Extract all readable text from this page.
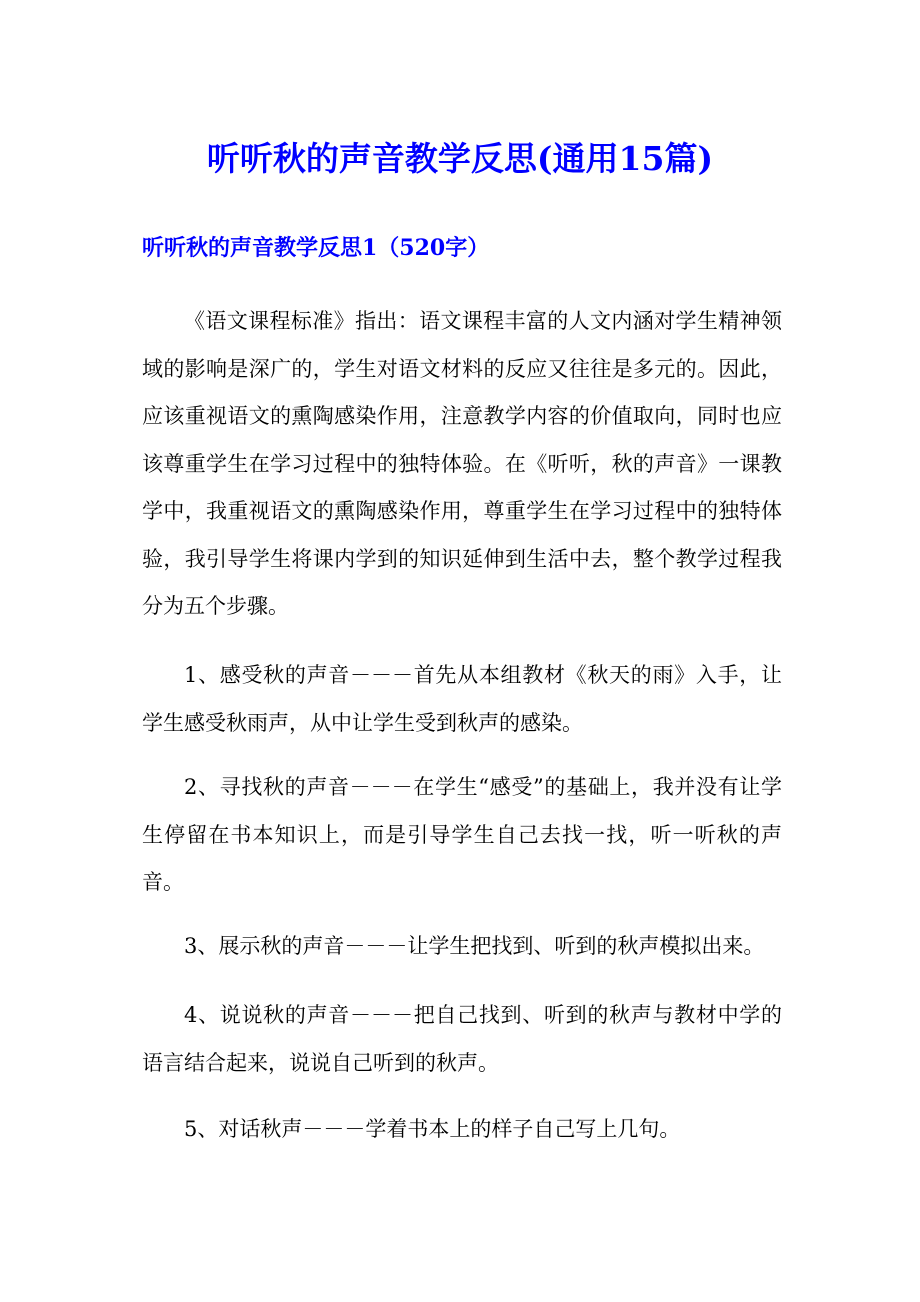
听听秋的声音教学反思(通用15篇)
听听秋的声音教学反思1（520字）

《语文课程标准》指出：语文课程丰富的人文内涵对学生精神领域的影响是深广的，学生对语文材料的反应又往往是多元的。因此，应该重视语文的熏陶感染作用，注意教学内容的价值取向，同时也应该尊重学生在学习过程中的独特体验。在《听听，秋的声音》一课教学中，我重视语文的熏陶感染作用，尊重学生在学习过程中的独特体验，我引导学生将课内学到的知识延伸到生活中去，整个教学过程我分为五个步骤。

1、感受秋的声音－－－首先从本组教材《秋天的雨》入手，让学生感受秋雨声，从中让学生受到秋声的感染。

2、寻找秋的声音－－－在学生“感受”的基础上，我并没有让学生停留在书本知识上，而是引导学生自己去找一找，听一听秋的声音。

3、展示秋的声音－－－让学生把找到、听到的秋声模拟出来。

4、说说秋的声音－－－把自己找到、听到的秋声与教材中学的语言结合起来，说说自己听到的秋声。

5、对话秋声－－－学着书本上的样子自己写上几句。
